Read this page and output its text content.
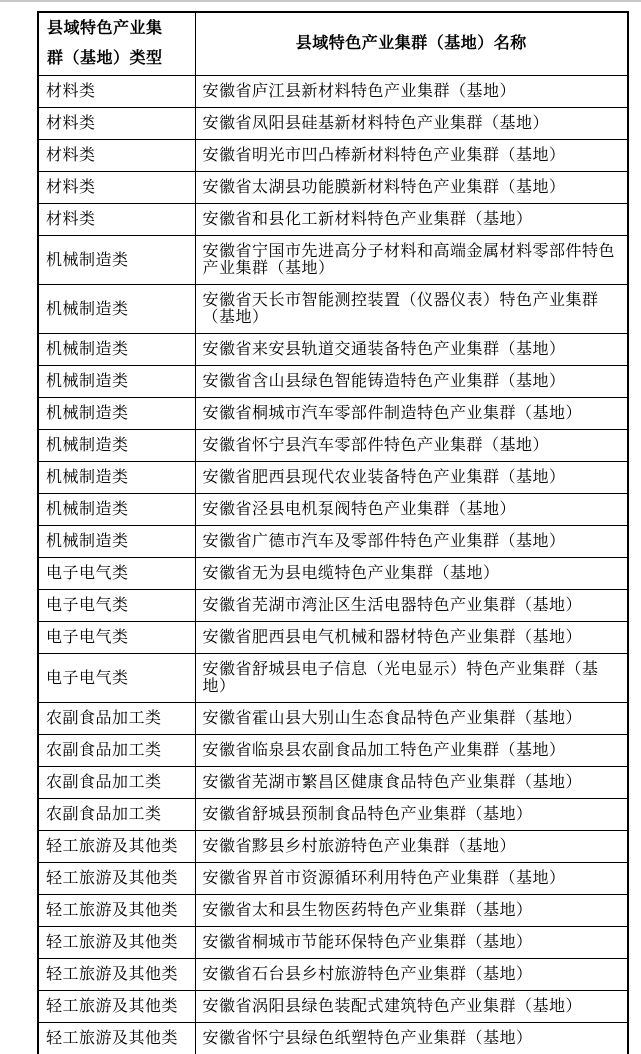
县域特色产业集群（基地）类型	县域特色产业集群（基地）名称
材料类	安徽省庐江县新材料特色产业集群（基地）
材料类	安徽省凤阳县硅基新材料特色产业集群（基地）
材料类	安徽省明光市凹凸棒新材料特色产业集群（基地）
材料类	安徽省太湖县功能膜新材料特色产业集群（基地）
材料类	安徽省和县化工新材料特色产业集群（基地）
机械制造类	安徽省宁国市先进高分子材料和高端金属材料零部件特色产业集群（基地）
机械制造类	安徽省天长市智能测控装置（仪器仪表）特色产业集群（基地）
机械制造类	安徽省来安县轨道交通装备特色产业集群（基地）
机械制造类	安徽省含山县绿色智能铸造特色产业集群（基地）
机械制造类	安徽省桐城市汽车零部件制造特色产业集群（基地）
机械制造类	安徽省怀宁县汽车零部件特色产业集群（基地）
机械制造类	安徽省肥西县现代农业装备特色产业集群（基地）
机械制造类	安徽省泾县电机泵阀特色产业集群（基地）
机械制造类	安徽省广德市汽车及零部件特色产业集群（基地）
电子电气类	安徽省无为县电缆特色产业集群（基地）
电子电气类	安徽省芜湖市湾沚区生活电器特色产业集群（基地）
电子电气类	安徽省肥西县电气机械和器材特色产业集群（基地）
电子电气类	安徽省舒城县电子信息（光电显示）特色产业集群（基地）
农副食品加工类	安徽省霍山县大别山生态食品特色产业集群（基地）
农副食品加工类	安徽省临泉县农副食品加工特色产业集群（基地）
农副食品加工类	安徽省芜湖市繁昌区健康食品特色产业集群（基地）
农副食品加工类	安徽省舒城县预制食品特色产业集群（基地）
轻工旅游及其他类	安徽省黟县乡村旅游特色产业集群（基地）
轻工旅游及其他类	安徽省界首市资源循环利用特色产业集群（基地）
轻工旅游及其他类	安徽省太和县生物医药特色产业集群（基地）
轻工旅游及其他类	安徽省桐城市节能环保特色产业集群（基地）
轻工旅游及其他类	安徽省石台县乡村旅游特色产业集群（基地）
轻工旅游及其他类	安徽省涡阳县绿色装配式建筑特色产业集群（基地）
轻工旅游及其他类	安徽省怀宁县绿色纸塑特色产业集群（基地）
